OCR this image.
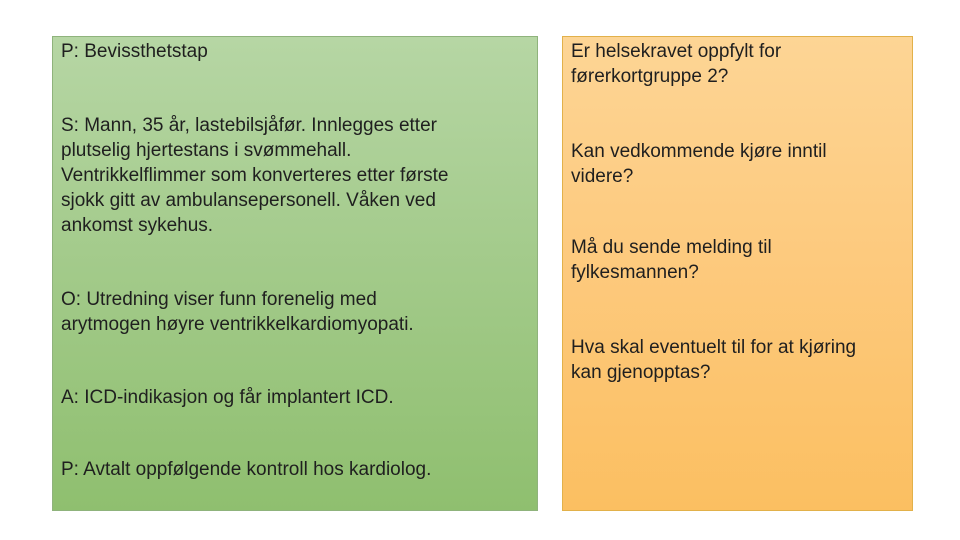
P: Bevissthetstap

S: Mann, 35 år, lastebilsjåfør. Innlegges etter
plutselig hjertestans i svømmehall.
Ventrikkelflimmer som konverteres etter første
sjokk gitt av ambulansepersonell. Våken ved
ankomst sykehus.

O: Utredning viser funn forenelig med
arytmogen høyre ventrikkelkardiomyopati.

A: ICD-indikasjon og får implantert ICD.

P: Avtalt oppfølgende kontroll hos kardiolog.

Er helsekravet oppfylt for
førerkortgruppe 2?

Kan vedkommende kjøre inntil
videre?

Må du sende melding til
fylkesmannen?

Hva skal eventuelt til for at kjøring
kan gjenopptas?
